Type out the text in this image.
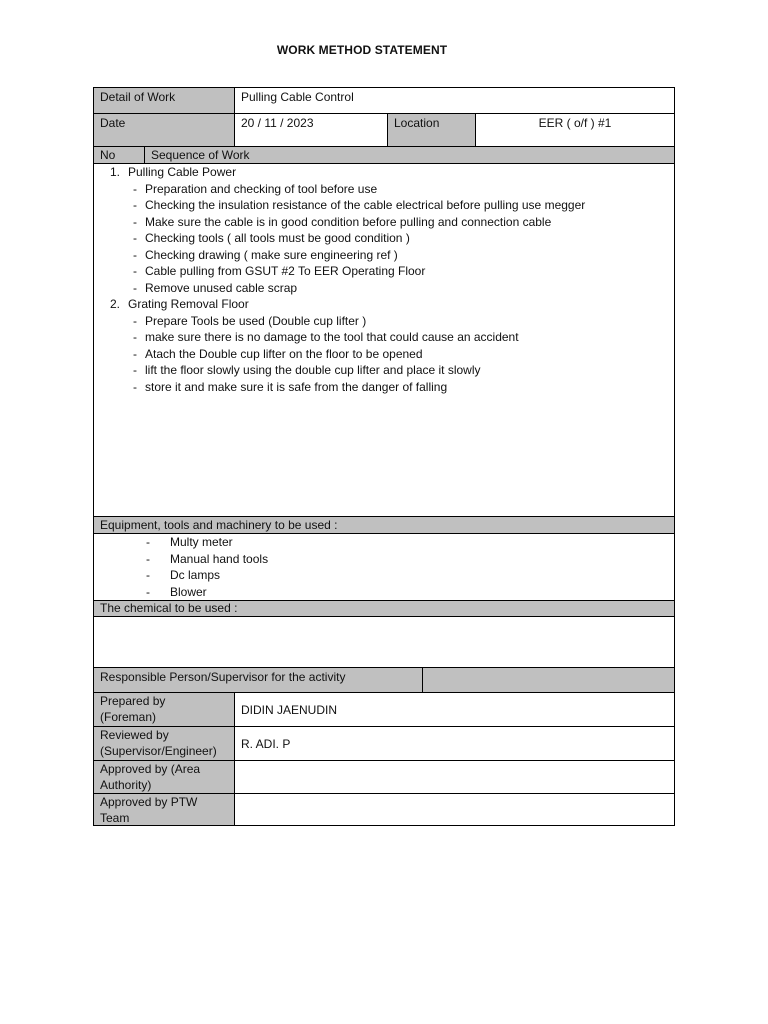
WORK METHOD STATEMENT
Detail of Work	Pulling Cable Control
Date	20 / 11 / 2023	Location	EER ( o/f ) #1
No	Sequence of Work
1. Pulling Cable Power
- Preparation and checking of tool before use
- Checking the insulation resistance of the cable electrical before pulling use megger
- Make sure the cable is in good condition before pulling and connection cable
- Checking tools ( all tools must be good condition )
- Checking drawing ( make sure engineering ref )
- Cable pulling from GSUT #2 To EER Operating Floor
- Remove unused cable scrap
2. Grating Removal Floor
- Prepare Tools be used (Double cup lifter )
- make sure there is no damage to the tool that could cause an accident
- Atach the Double cup lifter on the floor to be opened
- lift the floor slowly using the double cup lifter and place it slowly
- store it and make sure it is safe from the danger of falling
Equipment, tools and machinery to be used :
- Multy meter
- Manual hand tools
- Dc lamps
- Blower
The chemical to be used :
Responsible Person/Supervisor for the activity
Prepared by
(Foreman)	DIDIN JAENUDIN
Reviewed by
(Supervisor/Engineer)	R. ADI. P
Approved by (Area
Authority)
Approved by PTW
Team
